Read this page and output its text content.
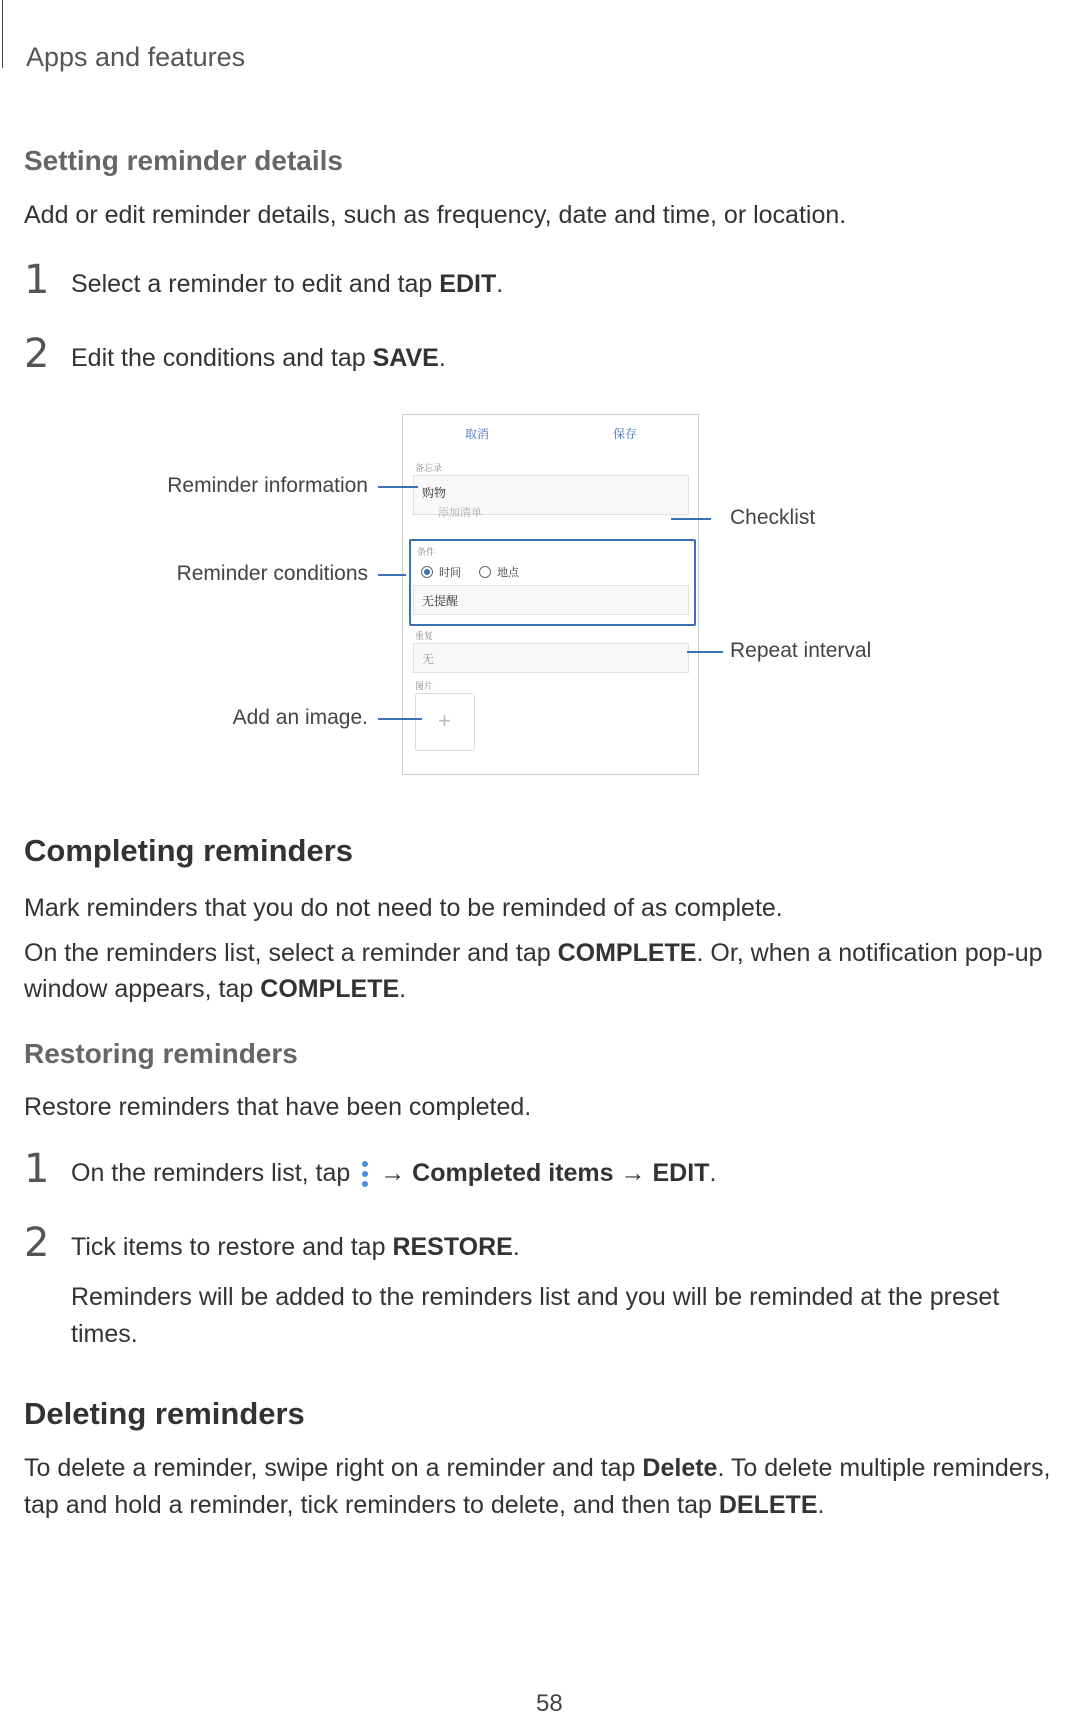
Apps and features
Setting reminder details
Add or edit reminder details, such as frequency, date and time, or location.
1 Select a reminder to edit and tap EDIT.
2 Edit the conditions and tap SAVE.
取消	保存
备忘录
购物
添加清单
条件
时间	地点
无提醒
重复
无
图片
+
Reminder information
Reminder conditions
Add an image.
Checklist
Repeat interval
Completing reminders
Mark reminders that you do not need to be reminded of as complete.
On the reminders list, select a reminder and tap COMPLETE. Or, when a notification pop-up
window appears, tap COMPLETE.
Restoring reminders
Restore reminders that have been completed.
1 On the reminders list, tap
→ Completed items → EDIT.
2 Tick items to restore and tap RESTORE.
Reminders will be added to the reminders list and you will be reminded at the preset
times.
Deleting reminders
To delete a reminder, swipe right on a reminder and tap Delete. To delete multiple reminders,
tap and hold a reminder, tick reminders to delete, and then tap DELETE.
58
